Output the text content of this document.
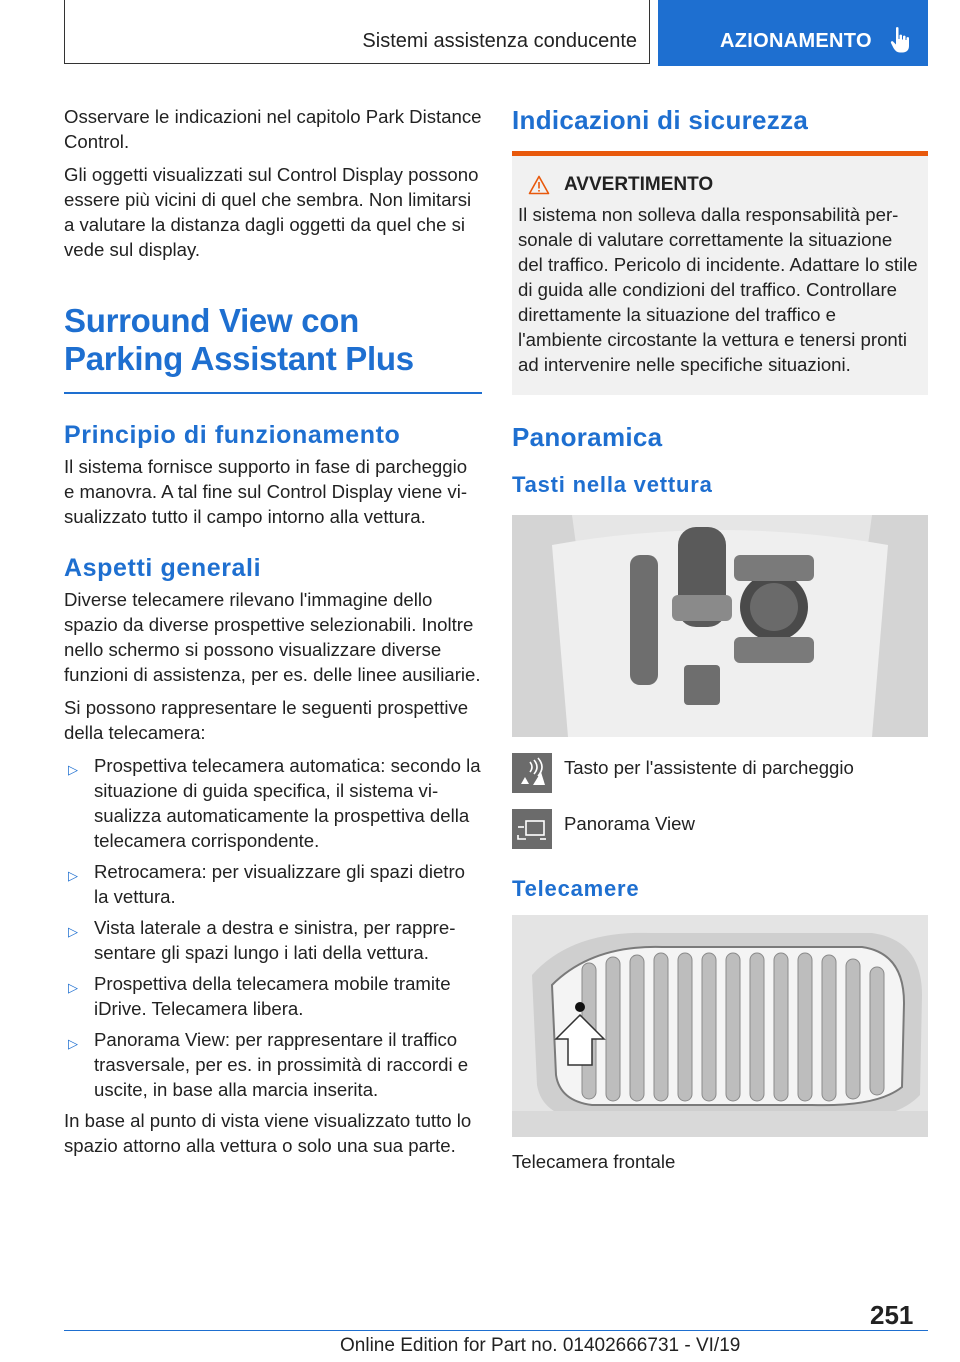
Sistemi assistenza conducente	AZIONAMENTO

Osservare le indicazioni nel capitolo Park Distance Control.

Gli oggetti visualizzati sul Control Display possono essere più vicini di quel che sembra. Non limitarsi a valutare la distanza dagli oggetti da quel che si vede sul display.

Surround View con Parking Assistant Plus
Principio di funzionamento

Il sistema fornisce supporto in fase di parcheggio e manovra. A tal fine sul Control Display viene visualizzato tutto il campo intorno alla vettura.

Aspetti generali

Diverse telecamere rilevano l'immagine dello spazio da diverse prospettive selezionabili. Inoltre nello schermo si possono visualizzare diverse funzioni di assistenza, per es. delle linee ausiliarie.

Si possono rappresentare le seguenti prospettive della telecamera:

▷ Prospettiva telecamera automatica: secondo la situazione di guida specifica, il sistema visualizza automaticamente la prospettiva della telecamera corrispondente.
▷ Retrocamera: per visualizzare gli spazi dietro la vettura.
▷ Vista laterale a destra e sinistra, per rappresentare gli spazi lungo i lati della vettura.
▷ Prospettiva della telecamera mobile tramite iDrive. Telecamera libera.
▷ Panorama View: per rappresentare il traffico trasversale, per es. in prossimità di raccordi e uscite, in base alla marcia inserita.

In base al punto di vista viene visualizzato tutto lo spazio attorno alla vettura o solo una sua parte.

Indicazioni di sicurezza
AVVERTIMENTO

Il sistema non solleva dalla responsabilità personale di valutare correttamente la situazione del traffico. Pericolo di incidente. Adattare lo stile di guida alle condizioni del traffico. Controllare direttamente la situazione del traffico e l'ambiente circostante la vettura e tenersi pronti ad intervenire nelle specifiche situazioni.

Panoramica
Tasti nella vettura
Tasto per l'assistente di parcheggio
Panorama View
Telecamere

Telecamera frontale

251
Online Edition for Part no. 01402666731 - VI/19
